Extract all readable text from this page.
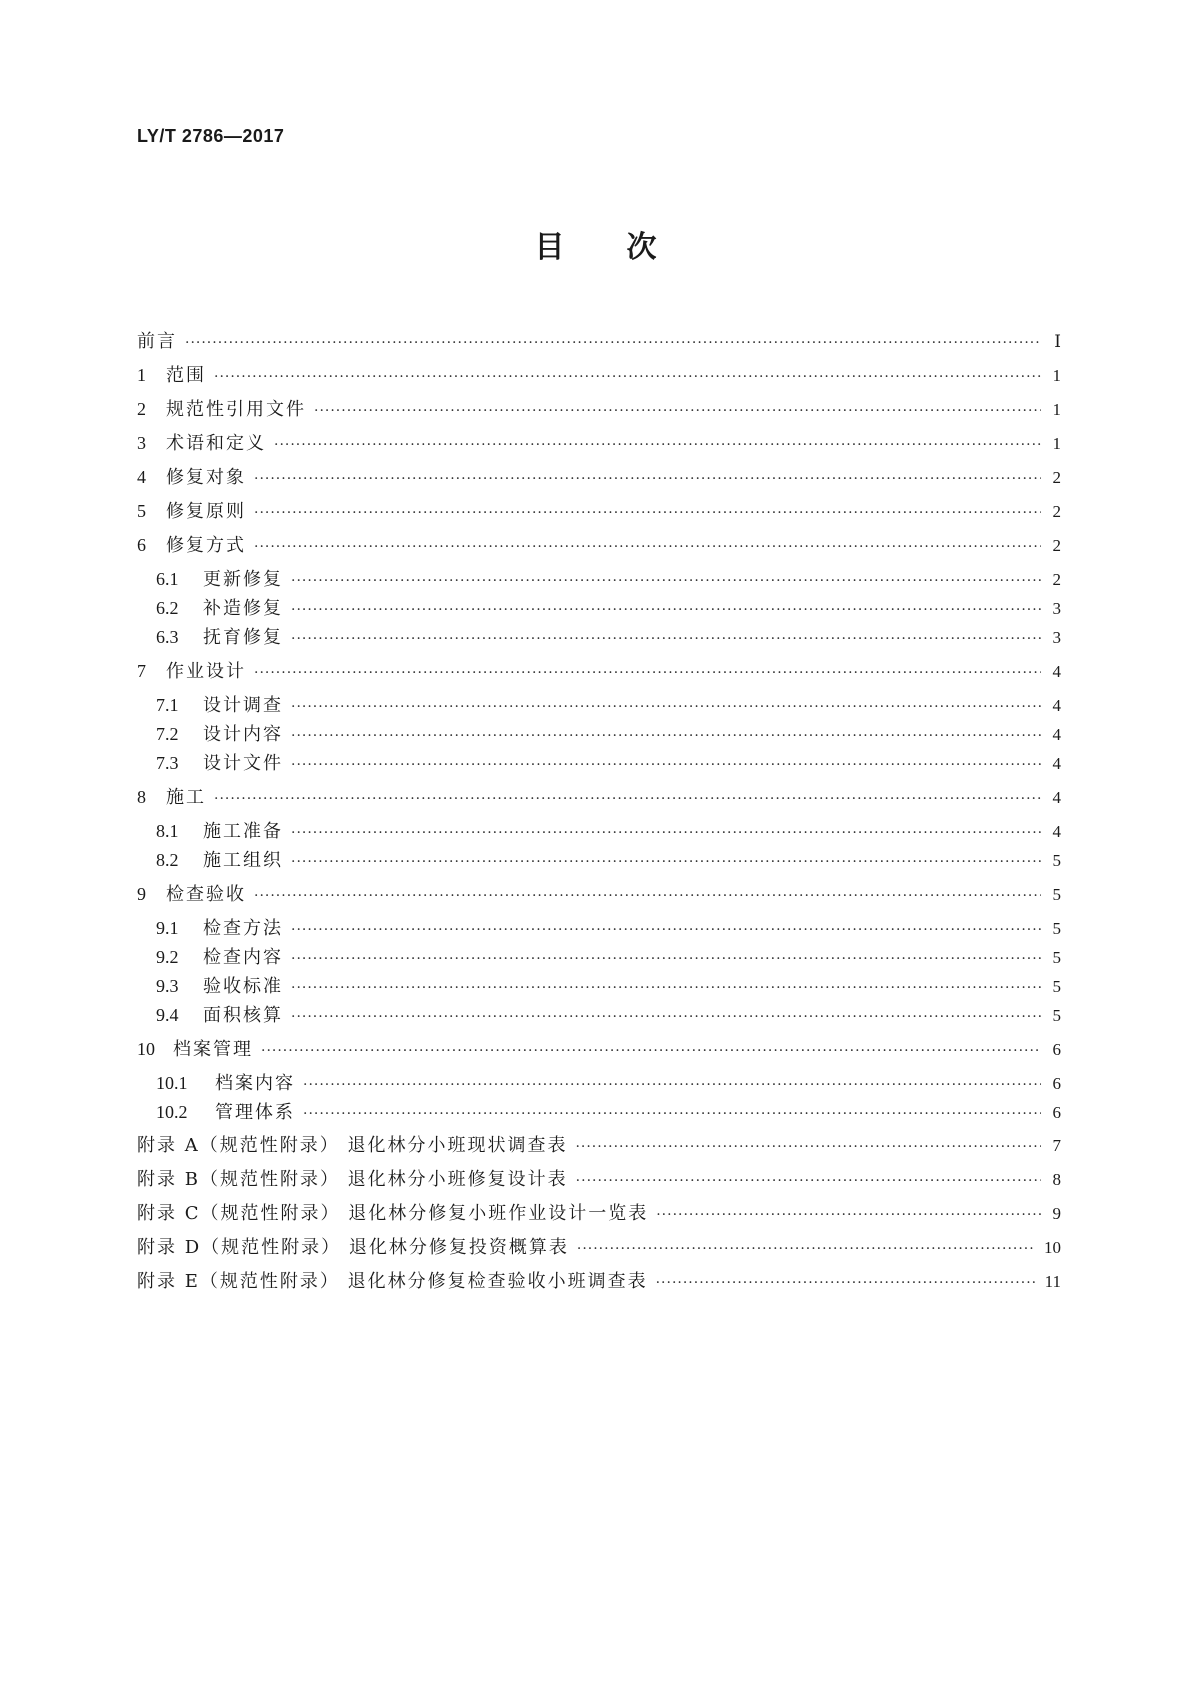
LY/T 2786—2017
目次
前言 ·····	Ⅰ
1	范围 ·····	1
2	规范性引用文件 ·····	1
3	术语和定义 ·····	1
4	修复对象 ·····	2
5	修复原则 ·····	2
6	修复方式 ·····	2
6.1	更新修复 ·····	2
6.2	补造修复 ·····	3
6.3	抚育修复 ·····	3
7	作业设计 ·····	4
7.1	设计调查 ·····	4
7.2	设计内容 ·····	4
7.3	设计文件 ·····	4
8	施工 ·····	4
8.1	施工准备 ·····	4
8.2	施工组织 ·····	5
9	检查验收 ·····	5
9.1	检查方法 ·····	5
9.2	检查内容 ·····	5
9.3	验收标准 ·····	5
9.4	面积核算 ·····	5
10	档案管理 ·····	6
10.1	档案内容 ·····	6
10.2	管理体系 ·····	6
附录 A（规范性附录） 退化林分小班现状调查表 ·····	7
附录 B（规范性附录） 退化林分小班修复设计表 ·····	8
附录 C（规范性附录） 退化林分修复小班作业设计一览表 ·····	9
附录 D（规范性附录） 退化林分修复投资概算表 ·····	10
附录 E（规范性附录） 退化林分修复检查验收小班调查表 ·····	11
